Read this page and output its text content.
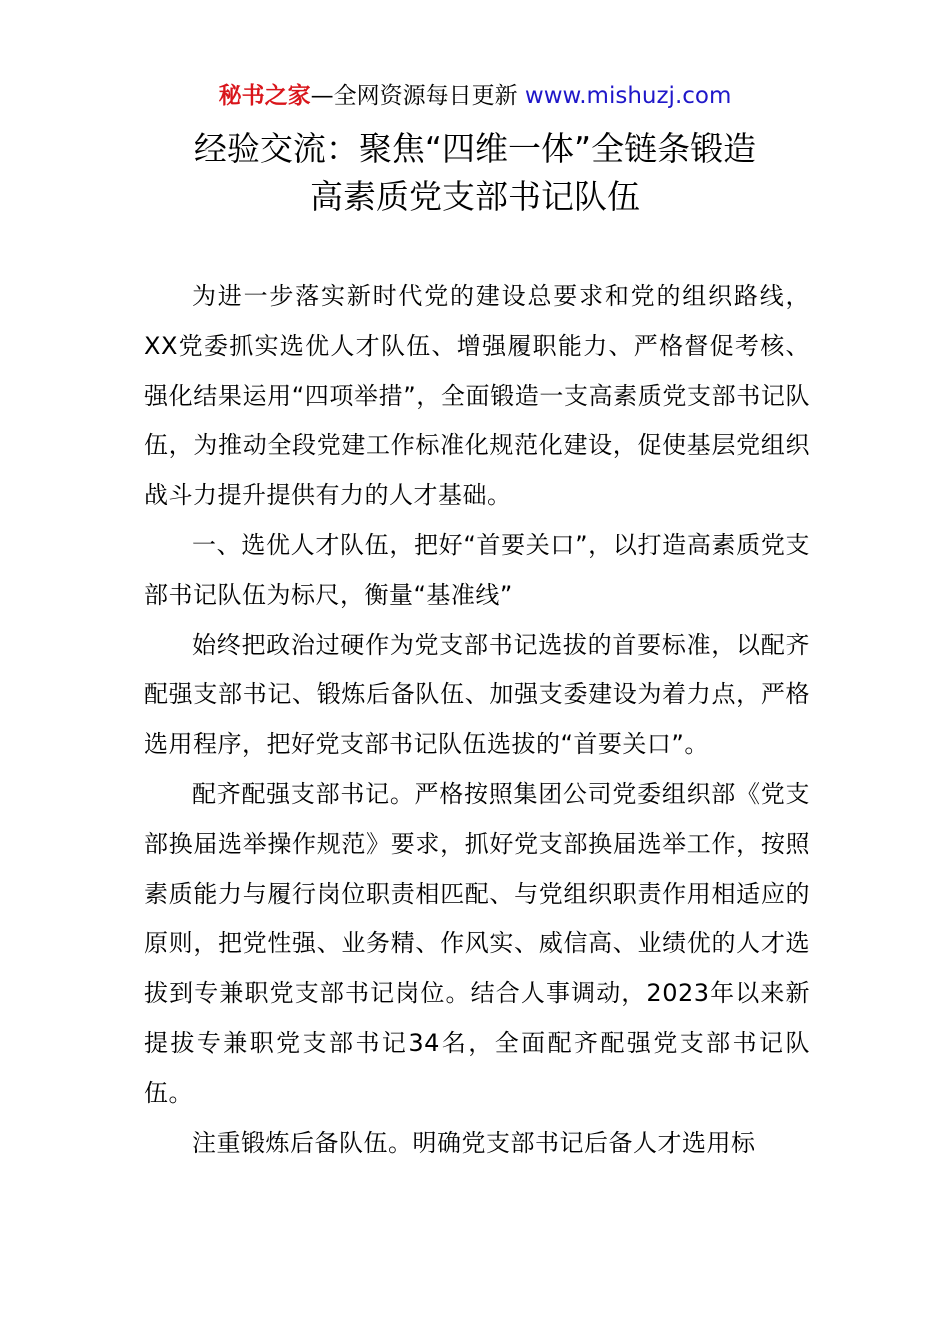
秘书之家—全网资源每日更新 www.mishuzj.com
经验交流：聚焦“四维一体”全链条锻造
高素质党支部书记队伍

为进一步落实新时代党的建设总要求和党的组织路线，XX党委抓实选优人才队伍、增强履职能力、严格督促考核、强化结果运用“四项举措”，全面锻造一支高素质党支部书记队伍，为推动全段党建工作标准化规范化建设，促使基层党组织战斗力提升提供有力的人才基础。

一、选优人才队伍，把好“首要关口”，以打造高素质党支部书记队伍为标尺，衡量“基准线”

始终把政治过硬作为党支部书记选拔的首要标准，以配齐配强支部书记、锻炼后备队伍、加强支委建设为着力点，严格选用程序，把好党支部书记队伍选拔的“首要关口”。

配齐配强支部书记。严格按照集团公司党委组织部《党支部换届选举操作规范》要求，抓好党支部换届选举工作，按照素质能力与履行岗位职责相匹配、与党组织职责作用相适应的原则，把党性强、业务精、作风实、威信高、业绩优的人才选拔到专兼职党支部书记岗位。结合人事调动，2023年以来新提拔专兼职党支部书记34名，全面配齐配强党支部书记队伍。

注重锻炼后备队伍。明确党支部书记后备人才选用标
